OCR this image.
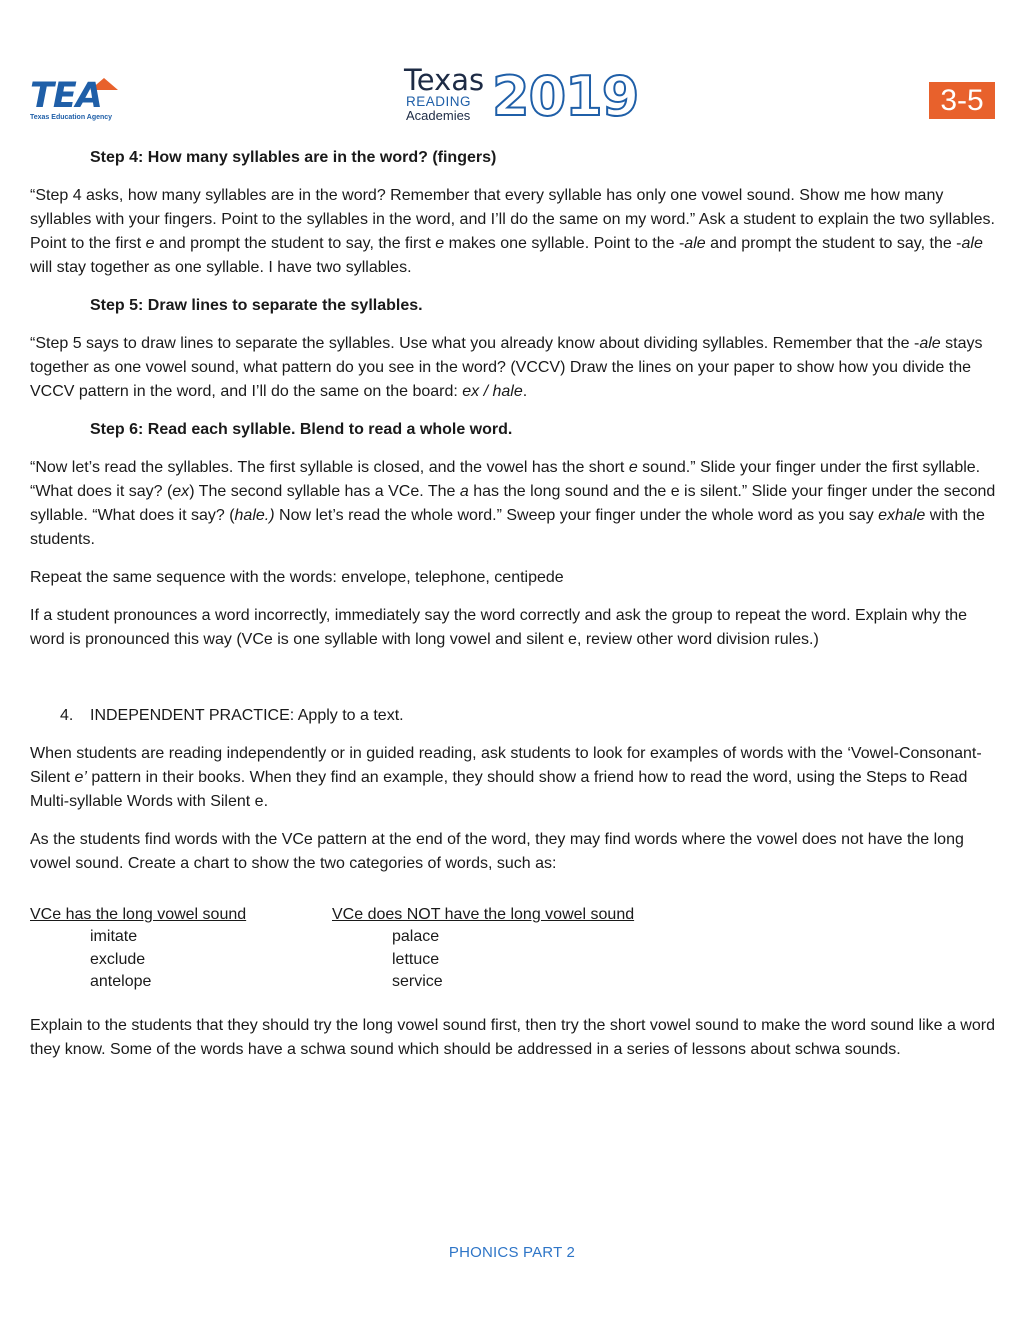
TEA
Texas Education Agency
Texas
READING
Academies 2019	3-5

Step 4: How many syllables are in the word? (fingers)

“Step 4 asks, how many syllables are in the word? Remember that every syllable has only one vowel sound. Show me how many syllables with your fingers. Point to the syllables in the word, and I’ll do the same on my word.” Ask a student to explain the two syllables. Point to the first e and prompt the student to say, the first e makes one syllable. Point to the -ale and prompt the student to say, the -ale will stay together as one syllable. I have two syllables.

Step 5: Draw lines to separate the syllables.

“Step 5 says to draw lines to separate the syllables. Use what you already know about dividing syllables. Remember that the -ale stays together as one vowel sound, what pattern do you see in the word? (VCCV) Draw the lines on your paper to show how you divide the VCCV pattern in the word, and I’ll do the same on the board: ex / hale.

Step 6: Read each syllable. Blend to read a whole word.

“Now let’s read the syllables. The first syllable is closed, and the vowel has the short e sound.” Slide your finger under the first syllable. “What does it say? (ex) The second syllable has a VCe. The a has the long sound and the e is silent.” Slide your finger under the second syllable. “What does it say? (hale.) Now let’s read the whole word.” Sweep your finger under the whole word as you say exhale with the students.

Repeat the same sequence with the words: envelope, telephone, centipede

If a student pronounces a word incorrectly, immediately say the word correctly and ask the group to repeat the word. Explain why the word is pronounced this way (VCe is one syllable with long vowel and silent e, review other word division rules.)

4. INDEPENDENT PRACTICE: Apply to a text.

When students are reading independently or in guided reading, ask students to look for examples of words with the ‘Vowel-Consonant-Silent e’ pattern in their books. When they find an example, they should show a friend how to read the word, using the Steps to Read Multi-syllable Words with Silent e.

As the students find words with the VCe pattern at the end of the word, they may find words where the vowel does not have the long vowel sound. Create a chart to show the two categories of words, such as:

VCe has the long vowel sound
imitate
exclude
antelope
VCe does NOT have the long vowel sound
palace
lettuce
service

Explain to the students that they should try the long vowel sound first, then try the short vowel sound to make the word sound like a word they know. Some of the words have a schwa sound which should be addressed in a series of lessons about schwa sounds.

PHONICS PART 2
